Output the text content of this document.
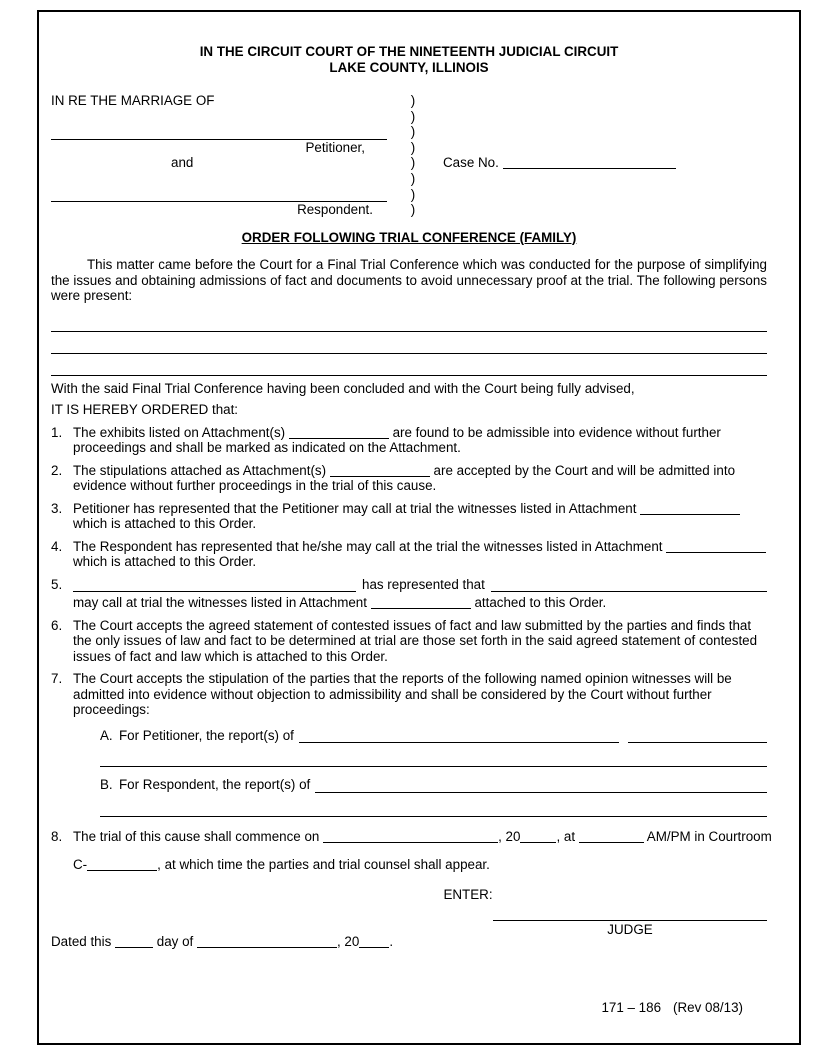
IN THE CIRCUIT COURT OF THE NINETEENTH JUDICIAL CIRCUIT
LAKE COUNTY, ILLINOIS
IN RE THE MARRIAGE OF
Petitioner,
and
Respondent.
)
)
)
)
)
)
)
)
Case No.
ORDER FOLLOWING TRIAL CONFERENCE (FAMILY)

This matter came before the Court for a Final Trial Conference which was conducted for the purpose of simplifying the issues and obtaining admissions of fact and documents to avoid unnecessary proof at the trial. The following persons were present:

With the said Final Trial Conference having been concluded and with the Court being fully advised,
IT IS HEREBY ORDERED that:
1. The exhibits listed on Attachment(s)	are found to be admissible into evidence without further proceedings and shall be marked as indicated on the Attachment.
2. The stipulations attached as Attachment(s)	are accepted by the Court and will be admitted into evidence without further proceedings in the trial of this cause.
3. Petitioner has represented that the Petitioner may call at trial the witnesses listed in Attachment  which is attached to this Order.
4. The Respondent has represented that he/she may call at the trial the witnesses listed in Attachment  which is attached to this Order.
5.	has represented that
may call at trial the witnesses listed in Attachment	attached to this Order.
6. The Court accepts the agreed statement of contested issues of fact and law submitted by the parties and finds that the only issues of law and fact to be determined at trial are those set forth in the said agreed statement of contested issues of fact and law which is attached to this Order.
7. The Court accepts the stipulation of the parties that the reports of the following named opinion witnesses will be admitted into evidence without objection to admissibility and shall be considered by the Court without further proceedings:
A. For Petitioner, the report(s) of
B. For Respondent, the report(s) of
8. The trial of this cause shall commence on	, 20	, at	AM/PM in Courtroom
C-	, at which time the parties and trial counsel shall appear.
ENTER:
Dated this	day of	, 20 .
JUDGE
171 – 186 (Rev 08/13)
